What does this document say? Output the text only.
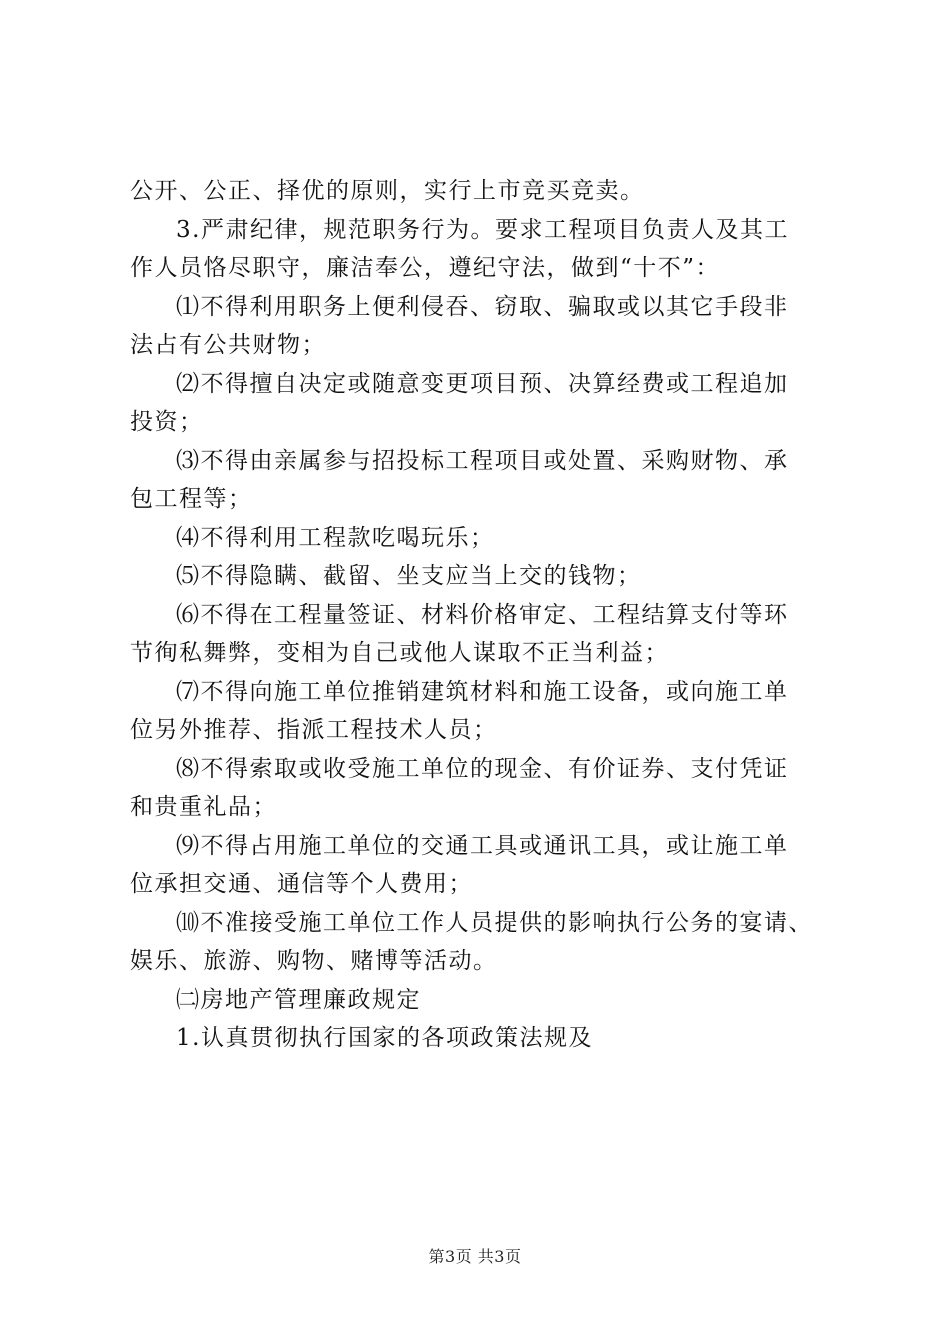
公开、公正、择优的原则，实行上市竞买竞卖。

3.严肃纪律，规范职务行为。要求工程项目负责人及其工

作人员恪尽职守，廉洁奉公，遵纪守法，做到“十不”：

⑴不得利用职务上便利侵吞、窃取、骗取或以其它手段非

法占有公共财物；

⑵不得擅自决定或随意变更项目预、决算经费或工程追加

投资；

⑶不得由亲属参与招投标工程项目或处置、采购财物、承

包工程等；

⑷不得利用工程款吃喝玩乐；

⑸不得隐瞒、截留、坐支应当上交的钱物；

⑹不得在工程量签证、材料价格审定、工程结算支付等环

节徇私舞弊，变相为自己或他人谋取不正当利益；

⑺不得向施工单位推销建筑材料和施工设备，或向施工单

位另外推荐、指派工程技术人员；

⑻不得索取或收受施工单位的现金、有价证券、支付凭证

和贵重礼品；

⑼不得占用施工单位的交通工具或通讯工具，或让施工单

位承担交通、通信等个人费用；

⑽不准接受施工单位工作人员提供的影响执行公务的宴请、

娱乐、旅游、购物、赌博等活动。

㈡房地产管理廉政规定

1.认真贯彻执行国家的各项政策法规及

第3页 共3页
